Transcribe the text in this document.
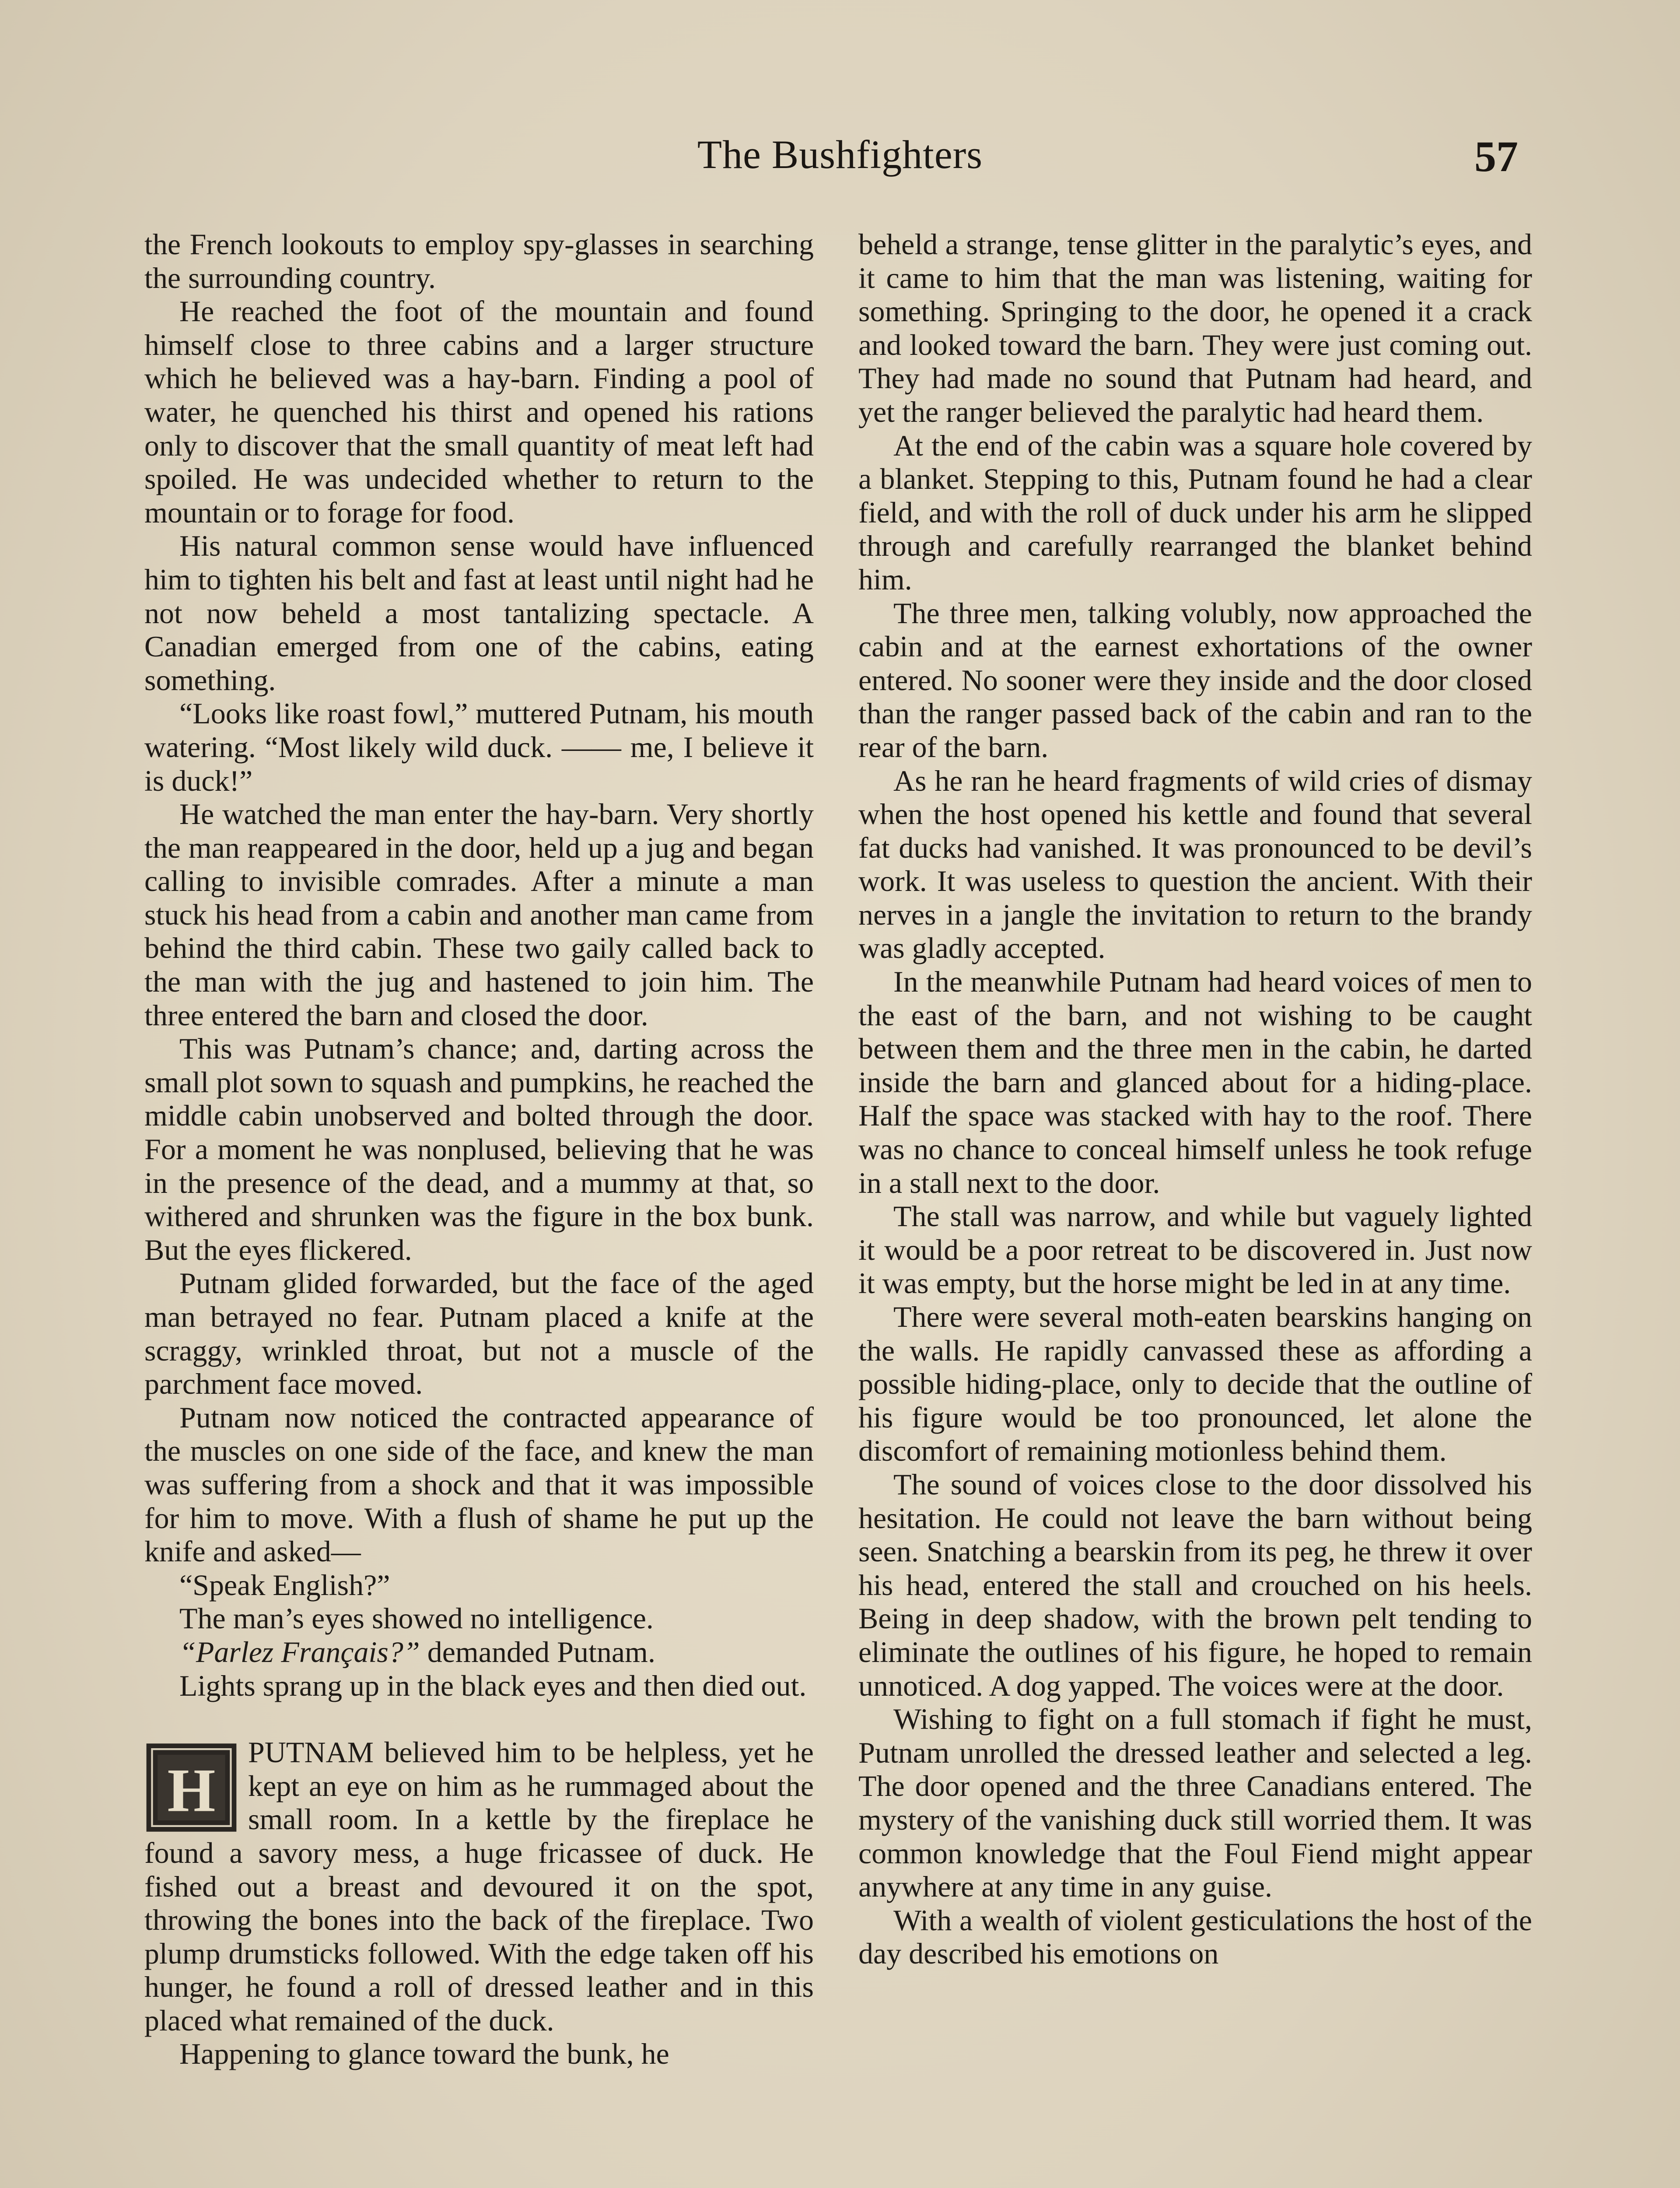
The Bushfighters	57

the French lookouts to employ spy-glasses in searching the surrounding country.

He reached the foot of the mountain and found himself close to three cabins and a larger structure which he believed was a hay-barn. Finding a pool of water, he quenched his thirst and opened his rations only to discover that the small quantity of meat left had spoiled. He was undecided whether to return to the mountain or to forage for food.

His natural common sense would have influenced him to tighten his belt and fast at least until night had he not now beheld a most tantalizing spectacle. A Canadian emerged from one of the cabins, eating something.

“Looks like roast fowl,” muttered Putnam, his mouth watering. “Most likely wild duck. —— me, I believe it is duck!”

He watched the man enter the hay-barn. Very shortly the man reappeared in the door, held up a jug and began calling to invisible comrades. After a minute a man stuck his head from a cabin and another man came from behind the third cabin. These two gaily called back to the man with the jug and hastened to join him. The three entered the barn and closed the door.

This was Putnam’s chance; and, darting across the small plot sown to squash and pumpkins, he reached the middle cabin unobserved and bolted through the door. For a moment he was nonplused, believing that he was in the presence of the dead, and a mummy at that, so withered and shrunken was the figure in the box bunk. But the eyes flickered.

Putnam glided forwarded, but the face of the aged man betrayed no fear. Putnam placed a knife at the scraggy, wrinkled throat, but not a muscle of the parchment face moved.

Putnam now noticed the contracted appearance of the muscles on one side of the face, and knew the man was suffering from a shock and that it was impossible for him to move. With a flush of shame he put up the knife and asked—

“Speak English?”

The man’s eyes showed no intelligence.

“Parlez Français?” demanded Putnam.

Lights sprang up in the black eyes and then died out.

H
PUTNAM believed him to be helpless, yet he kept an eye on him as he rummaged about the small room. In a kettle by the fireplace he found a savory mess, a huge fricassee of duck. He fished out a breast and devoured it on the spot, throwing the bones into the back of the fireplace. Two plump drumsticks followed. With the edge taken off his hunger, he found a roll of dressed leather and in this placed what remained of the duck.

Happening to glance toward the bunk, he

beheld a strange, tense glitter in the paralytic’s eyes, and it came to him that the man was listening, waiting for something. Springing to the door, he opened it a crack and looked toward the barn. They were just coming out. They had made no sound that Putnam had heard, and yet the ranger believed the paralytic had heard them.

At the end of the cabin was a square hole covered by a blanket. Stepping to this, Putnam found he had a clear field, and with the roll of duck under his arm he slipped through and carefully rearranged the blanket behind him.

The three men, talking volubly, now approached the cabin and at the earnest exhortations of the owner entered. No sooner were they inside and the door closed than the ranger passed back of the cabin and ran to the rear of the barn.

As he ran he heard fragments of wild cries of dismay when the host opened his kettle and found that several fat ducks had vanished. It was pronounced to be devil’s work. It was useless to question the ancient. With their nerves in a jangle the invitation to return to the brandy was gladly accepted.

In the meanwhile Putnam had heard voices of men to the east of the barn, and not wishing to be caught between them and the three men in the cabin, he darted inside the barn and glanced about for a hiding-place. Half the space was stacked with hay to the roof. There was no chance to conceal himself unless he took refuge in a stall next to the door.

The stall was narrow, and while but vaguely lighted it would be a poor retreat to be discovered in. Just now it was empty, but the horse might be led in at any time.

There were several moth-eaten bearskins hanging on the walls. He rapidly canvassed these as affording a possible hiding-place, only to decide that the outline of his figure would be too pronounced, let alone the discomfort of remaining motionless behind them.

The sound of voices close to the door dissolved his hesitation. He could not leave the barn without being seen. Snatching a bearskin from its peg, he threw it over his head, entered the stall and crouched on his heels. Being in deep shadow, with the brown pelt tending to eliminate the outlines of his figure, he hoped to remain unnoticed. A dog yapped. The voices were at the door.

Wishing to fight on a full stomach if fight he must, Putnam unrolled the dressed leather and selected a leg. The door opened and the three Canadians entered. The mystery of the vanishing duck still worried them. It was common knowledge that the Foul Fiend might appear anywhere at any time in any guise.

With a wealth of violent gesticulations the host of the day described his emotions on
